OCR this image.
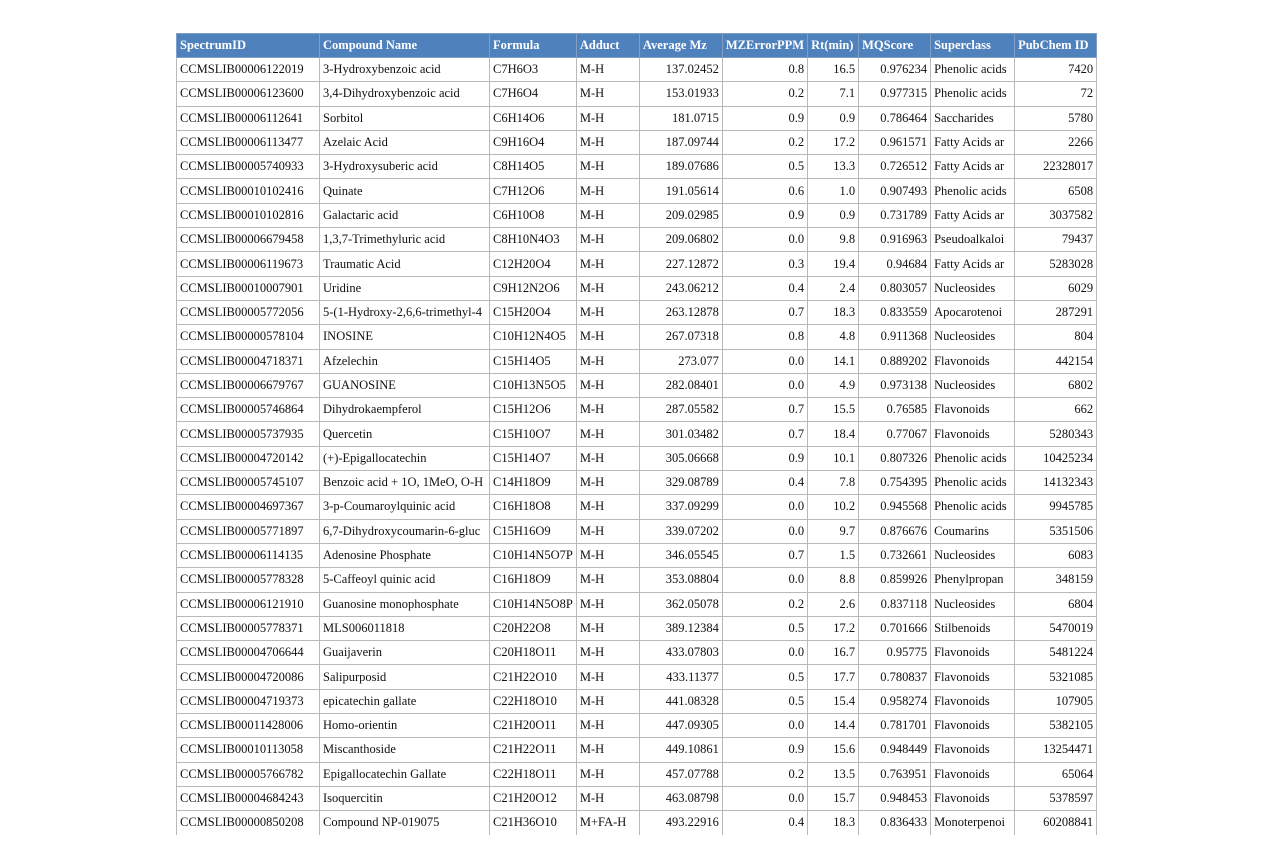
SpectrumID	Compound Name	Formula	Adduct	Average Mz	MZErrorPPM	Rt(min)	MQScore	Superclass	PubChem ID
CCMSLIB00006122019	3-Hydroxybenzoic acid	C7H6O3	M-H	137.02452	0.8	16.5	0.976234	Phenolic acids	7420
CCMSLIB00006123600	3,4-Dihydroxybenzoic acid	C7H6O4	M-H	153.01933	0.2	7.1	0.977315	Phenolic acids	72
CCMSLIB00006112641	Sorbitol	C6H14O6	M-H	181.0715	0.9	0.9	0.786464	Saccharides	5780
CCMSLIB00006113477	Azelaic Acid	C9H16O4	M-H	187.09744	0.2	17.2	0.961571	Fatty Acids ar	2266
CCMSLIB00005740933	3-Hydroxysuberic acid	C8H14O5	M-H	189.07686	0.5	13.3	0.726512	Fatty Acids ar	22328017
CCMSLIB00010102416	Quinate	C7H12O6	M-H	191.05614	0.6	1.0	0.907493	Phenolic acids	6508
CCMSLIB00010102816	Galactaric acid	C6H10O8	M-H	209.02985	0.9	0.9	0.731789	Fatty Acids ar	3037582
CCMSLIB00006679458	1,3,7-Trimethyluric acid	C8H10N4O3	M-H	209.06802	0.0	9.8	0.916963	Pseudoalkaloi	79437
CCMSLIB00006119673	Traumatic Acid	C12H20O4	M-H	227.12872	0.3	19.4	0.94684	Fatty Acids ar	5283028
CCMSLIB00010007901	Uridine	C9H12N2O6	M-H	243.06212	0.4	2.4	0.803057	Nucleosides	6029
CCMSLIB00005772056	5-(1-Hydroxy-2,6,6-trimethyl-4	C15H20O4	M-H	263.12878	0.7	18.3	0.833559	Apocarotenoi	287291
CCMSLIB00000578104	INOSINE	C10H12N4O5	M-H	267.07318	0.8	4.8	0.911368	Nucleosides	804
CCMSLIB00004718371	Afzelechin	C15H14O5	M-H	273.077	0.0	14.1	0.889202	Flavonoids	442154
CCMSLIB00006679767	GUANOSINE	C10H13N5O5	M-H	282.08401	0.0	4.9	0.973138	Nucleosides	6802
CCMSLIB00005746864	Dihydrokaempferol	C15H12O6	M-H	287.05582	0.7	15.5	0.76585	Flavonoids	662
CCMSLIB00005737935	Quercetin	C15H10O7	M-H	301.03482	0.7	18.4	0.77067	Flavonoids	5280343
CCMSLIB00004720142	(+)-Epigallocatechin	C15H14O7	M-H	305.06668	0.9	10.1	0.807326	Phenolic acids	10425234
CCMSLIB00005745107	Benzoic acid + 1O, 1MeO, O-H	C14H18O9	M-H	329.08789	0.4	7.8	0.754395	Phenolic acids	14132343
CCMSLIB00004697367	3-p-Coumaroylquinic acid	C16H18O8	M-H	337.09299	0.0	10.2	0.945568	Phenolic acids	9945785
CCMSLIB00005771897	6,7-Dihydroxycoumarin-6-gluc	C15H16O9	M-H	339.07202	0.0	9.7	0.876676	Coumarins	5351506
CCMSLIB00006114135	Adenosine Phosphate	C10H14N5O7P	M-H	346.05545	0.7	1.5	0.732661	Nucleosides	6083
CCMSLIB00005778328	5-Caffeoyl quinic acid	C16H18O9	M-H	353.08804	0.0	8.8	0.859926	Phenylpropan	348159
CCMSLIB00006121910	Guanosine monophosphate	C10H14N5O8P	M-H	362.05078	0.2	2.6	0.837118	Nucleosides	6804
CCMSLIB00005778371	MLS006011818	C20H22O8	M-H	389.12384	0.5	17.2	0.701666	Stilbenoids	5470019
CCMSLIB00004706644	Guaijaverin	C20H18O11	M-H	433.07803	0.0	16.7	0.95775	Flavonoids	5481224
CCMSLIB00004720086	Salipurposid	C21H22O10	M-H	433.11377	0.5	17.7	0.780837	Flavonoids	5321085
CCMSLIB00004719373	epicatechin gallate	C22H18O10	M-H	441.08328	0.5	15.4	0.958274	Flavonoids	107905
CCMSLIB00011428006	Homo-orientin	C21H20O11	M-H	447.09305	0.0	14.4	0.781701	Flavonoids	5382105
CCMSLIB00010113058	Miscanthoside	C21H22O11	M-H	449.10861	0.9	15.6	0.948449	Flavonoids	13254471
CCMSLIB00005766782	Epigallocatechin Gallate	C22H18O11	M-H	457.07788	0.2	13.5	0.763951	Flavonoids	65064
CCMSLIB00004684243	Isoquercitin	C21H20O12	M-H	463.08798	0.0	15.7	0.948453	Flavonoids	5378597
CCMSLIB00000850208	Compound NP-019075	C21H36O10	M+FA-H	493.22916	0.4	18.3	0.836433	Monoterpenoi	60208841
